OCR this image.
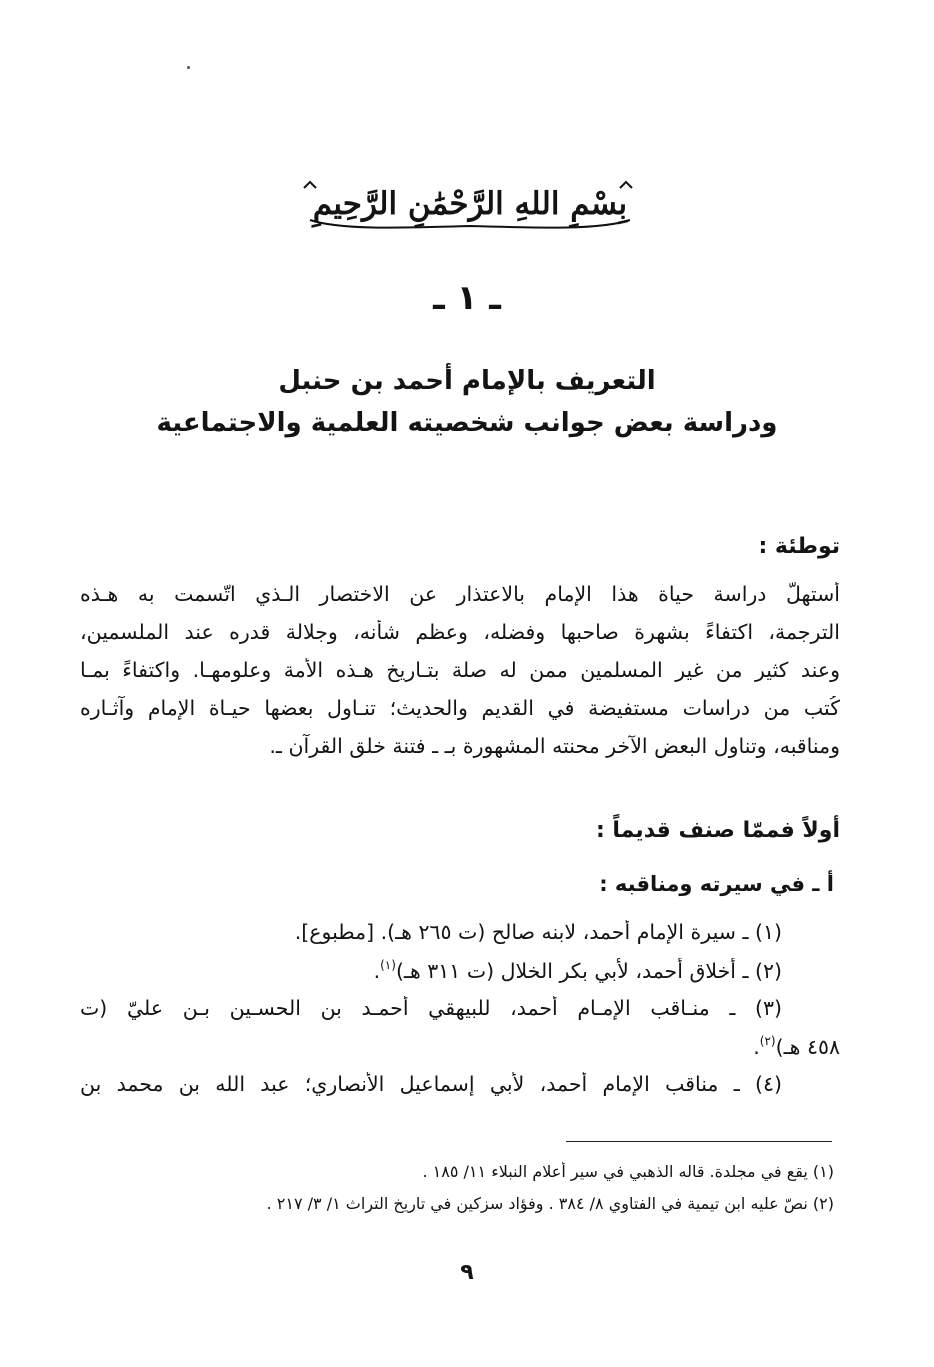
بِسْمِ اللهِ الرَّحْمَٰنِ الرَّحِيمِ
ـ ١ ـ
التعريف بالإمام أحمد بن حنبل
ودراسة بعض جوانب شخصيته العلمية والاجتماعية
توطئة :
أستهلّ دراسة حياة هذا الإمام بالاعتذار عن الاختصار الـذي اتّسمت به هـذه
الترجمة، اكتفاءً بشهرة صاحبها وفضله، وعظم شأنه، وجلالة قدره عند الملسمين،
وعند كثير من غير المسلمين ممن له صلة بتـاريخ هـذه الأمة وعلومهـا. واكتفاءً بمـا
كُتب من دراسات مستفيضة في القديم والحديث؛ تنـاول بعضها حيـاة الإمام وآثـاره
ومناقبه، وتناول البعض الآخر محنته المشهورة بـ ـ فتنة خلق القرآن ـ.
أولاً فممّا صنف قديماً :
أ ـ في سيرته ومناقبه :
(١) ـ سيرة الإمام أحمد، لابنه صالح (ت ٢٦٥ هـ). [مطبوع].
(٢) ـ أخلاق أحمد، لأبي بكر الخلال (ت ٣١١ هـ)$^{(١)}$.
(٣) ـ منـاقب الإمـام أحمد، للبيهقي أحمـد بن الحسـين بـن عليّ (ت
٤٥٨ هـ)$^{(٢)}$.
(٤) ـ مناقب الإمام أحمد، لأبي إسماعيل الأنصاري؛ عبد الله بن محمد بن
(١) يقع في مجلدة. قاله الذهبي في سير أعلام النبلاء ١١/ ١٨٥ .
(٢) نصّ عليه ابن تيمية في الفتاوي ٨/ ٣٨٤ . وفؤاد سزكين في تاريخ التراث ١/ ٣/ ٢١٧ .
٩
